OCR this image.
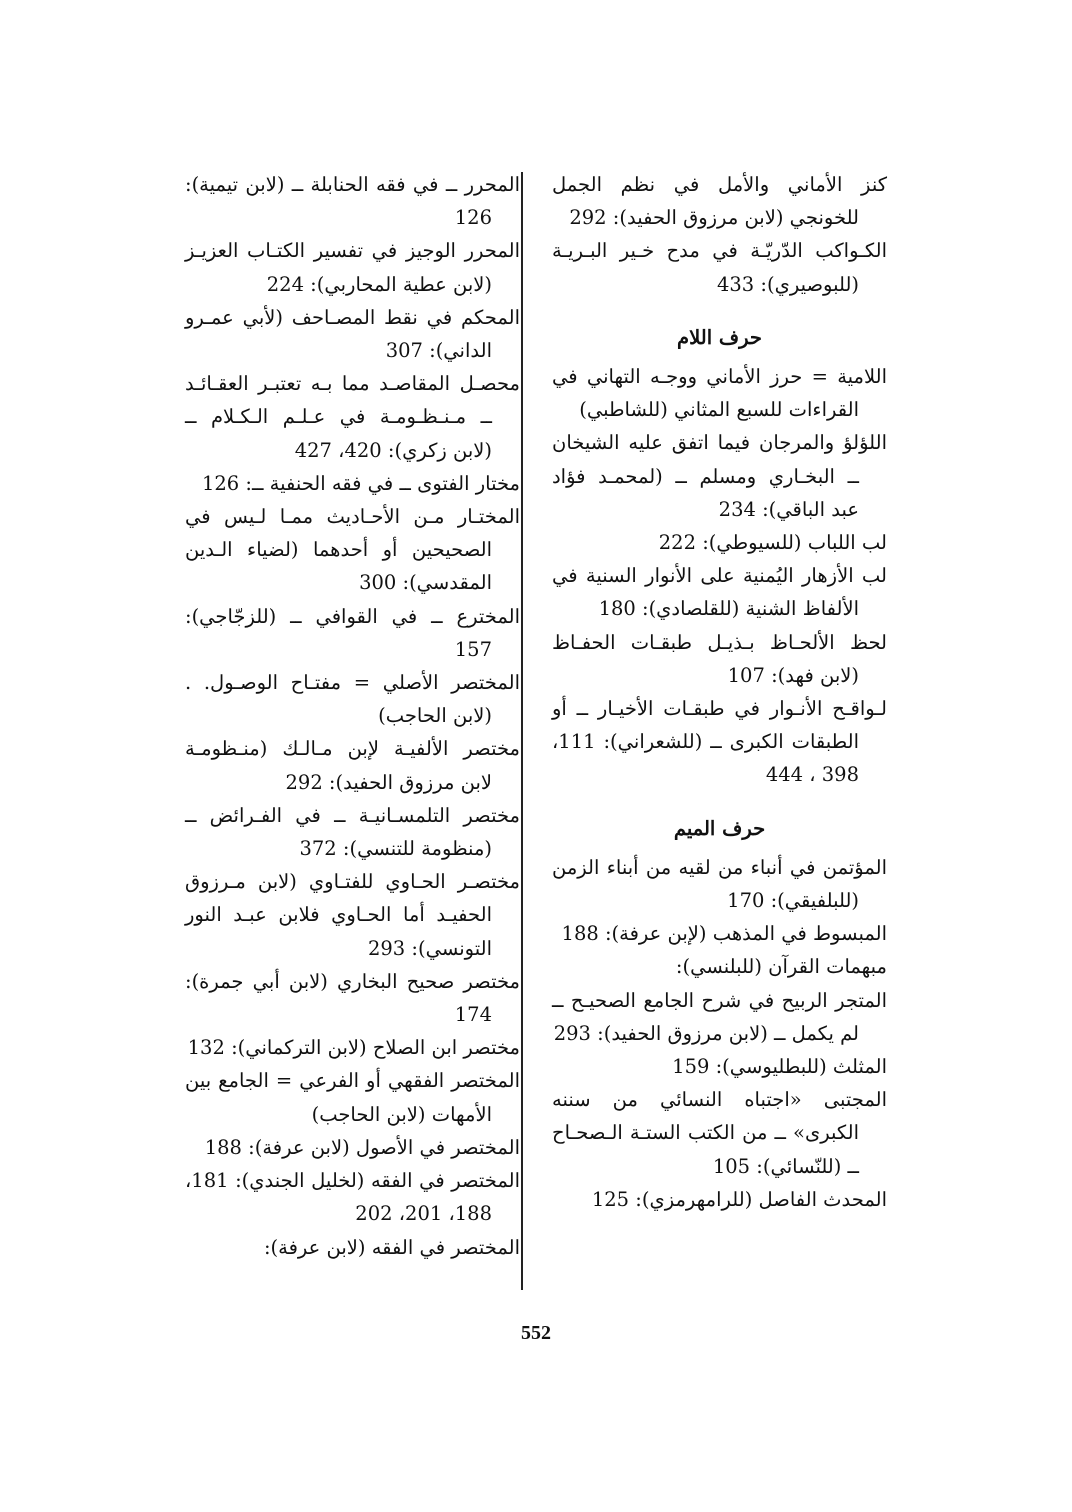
كنز الأماني والأمل في نظم الجمل للخونجي (لابن مرزوق الحفيد): 292

الكـواكب الدّريّـة في مدح خـير البـريـة (للبوصيري): 433

حرف اللام

اللامية = حرز الأماني ووجـه التهاني في القراءات للسبع المثاني (للشاطبي)

اللؤلؤ والمرجان فيما اتفق عليه الشيخان ــ البخـاري ومسلم ــ (لمحمـد فؤاد عبد الباقي): 234

لب اللباب (للسيوطي): 222

لب الأزهار اليُمنية على الأنوار السنية في الألفاظ الشنية (للقلصادي): 180

لحظ الألحـاظ بـذيـل طبقـات الحفـاظ (لابن فهد): 107

لـواقـح الأنـوار في طبقـات الأخيـار ــ أو الطبقات الكبرى ــ (للشعراني): 111، 398 ، 444

حرف الميم

المؤتمن في أنباء من لقيه من أبناء الزمن (للبلفيقي): 170

المبسوط في المذهب (لإبن عرفة): 188

مبهمات القرآن (للبلنسي):

المتجر الربيح في شرح الجامع الصحيـح ــ لم يكمل ــ (لابن مرزوق الحفيد): 293

المثلث (للبطليوسي): 159

المجتبى «اجتباه النسائي من سننه الكبرى» ــ من الكتب الستـة الـصحـاح ــ (للنّسائي): 105

المحدث الفاصل (للرامهرمزي): 125

المحرر ــ في فقه الحنابلة ــ (لابن تيمية): 126

المحرر الوجيز في تفسير الكتـاب العزيـز (لابن عطية المحاربي): 224

المحكم في نقط المصـاحف (لأبي عمـرو الداني): 307

محصـل المقاصـد مما بـه تعتبـر العقـائـد ــ مـنـظـومـة في عـلـم الـكـلام ــ (لابن زكري): 420، 427

مختار الفتوى ــ في فقه الحنفية ــ: 126

المختـار مـن الأحـاديث ممـا لـيس في الصحيحين أو أحدهما (لضياء الـدين المقدسي): 300

المخترع ــ في القوافي ــ (للزجّاجي): 157

المختصر الأصلي = مفتـاح الوصـول. . (لابن الحاجب)

مختصر الألفيـة لإبن مـالـك (منـظومـة لابن مرزوق الحفيد): 292

مختصر التلمسـانيـة ــ في الفـرائض ــ (منظومة للتنسي): 372

مختصـر الحـاوي للفتـاوي (لابن مـرزوق الحفيـد أما الحـاوي فلابن عبـد النور التونسي): 293

مختصر صحيح البخاري (لابن أبي جمرة): 174

مختصر ابن الصلاح (لابن التركماني): 132

المختصر الفقهي أو الفرعي = الجامع بين الأمهات (لابن الحاجب)

المختصر في الأصول (لابن عرفة): 188

المختصر في الفقه (لخليل الجندي): 181، 188، 201، 202

المختصر في الفقه (لابن عرفة):

552
